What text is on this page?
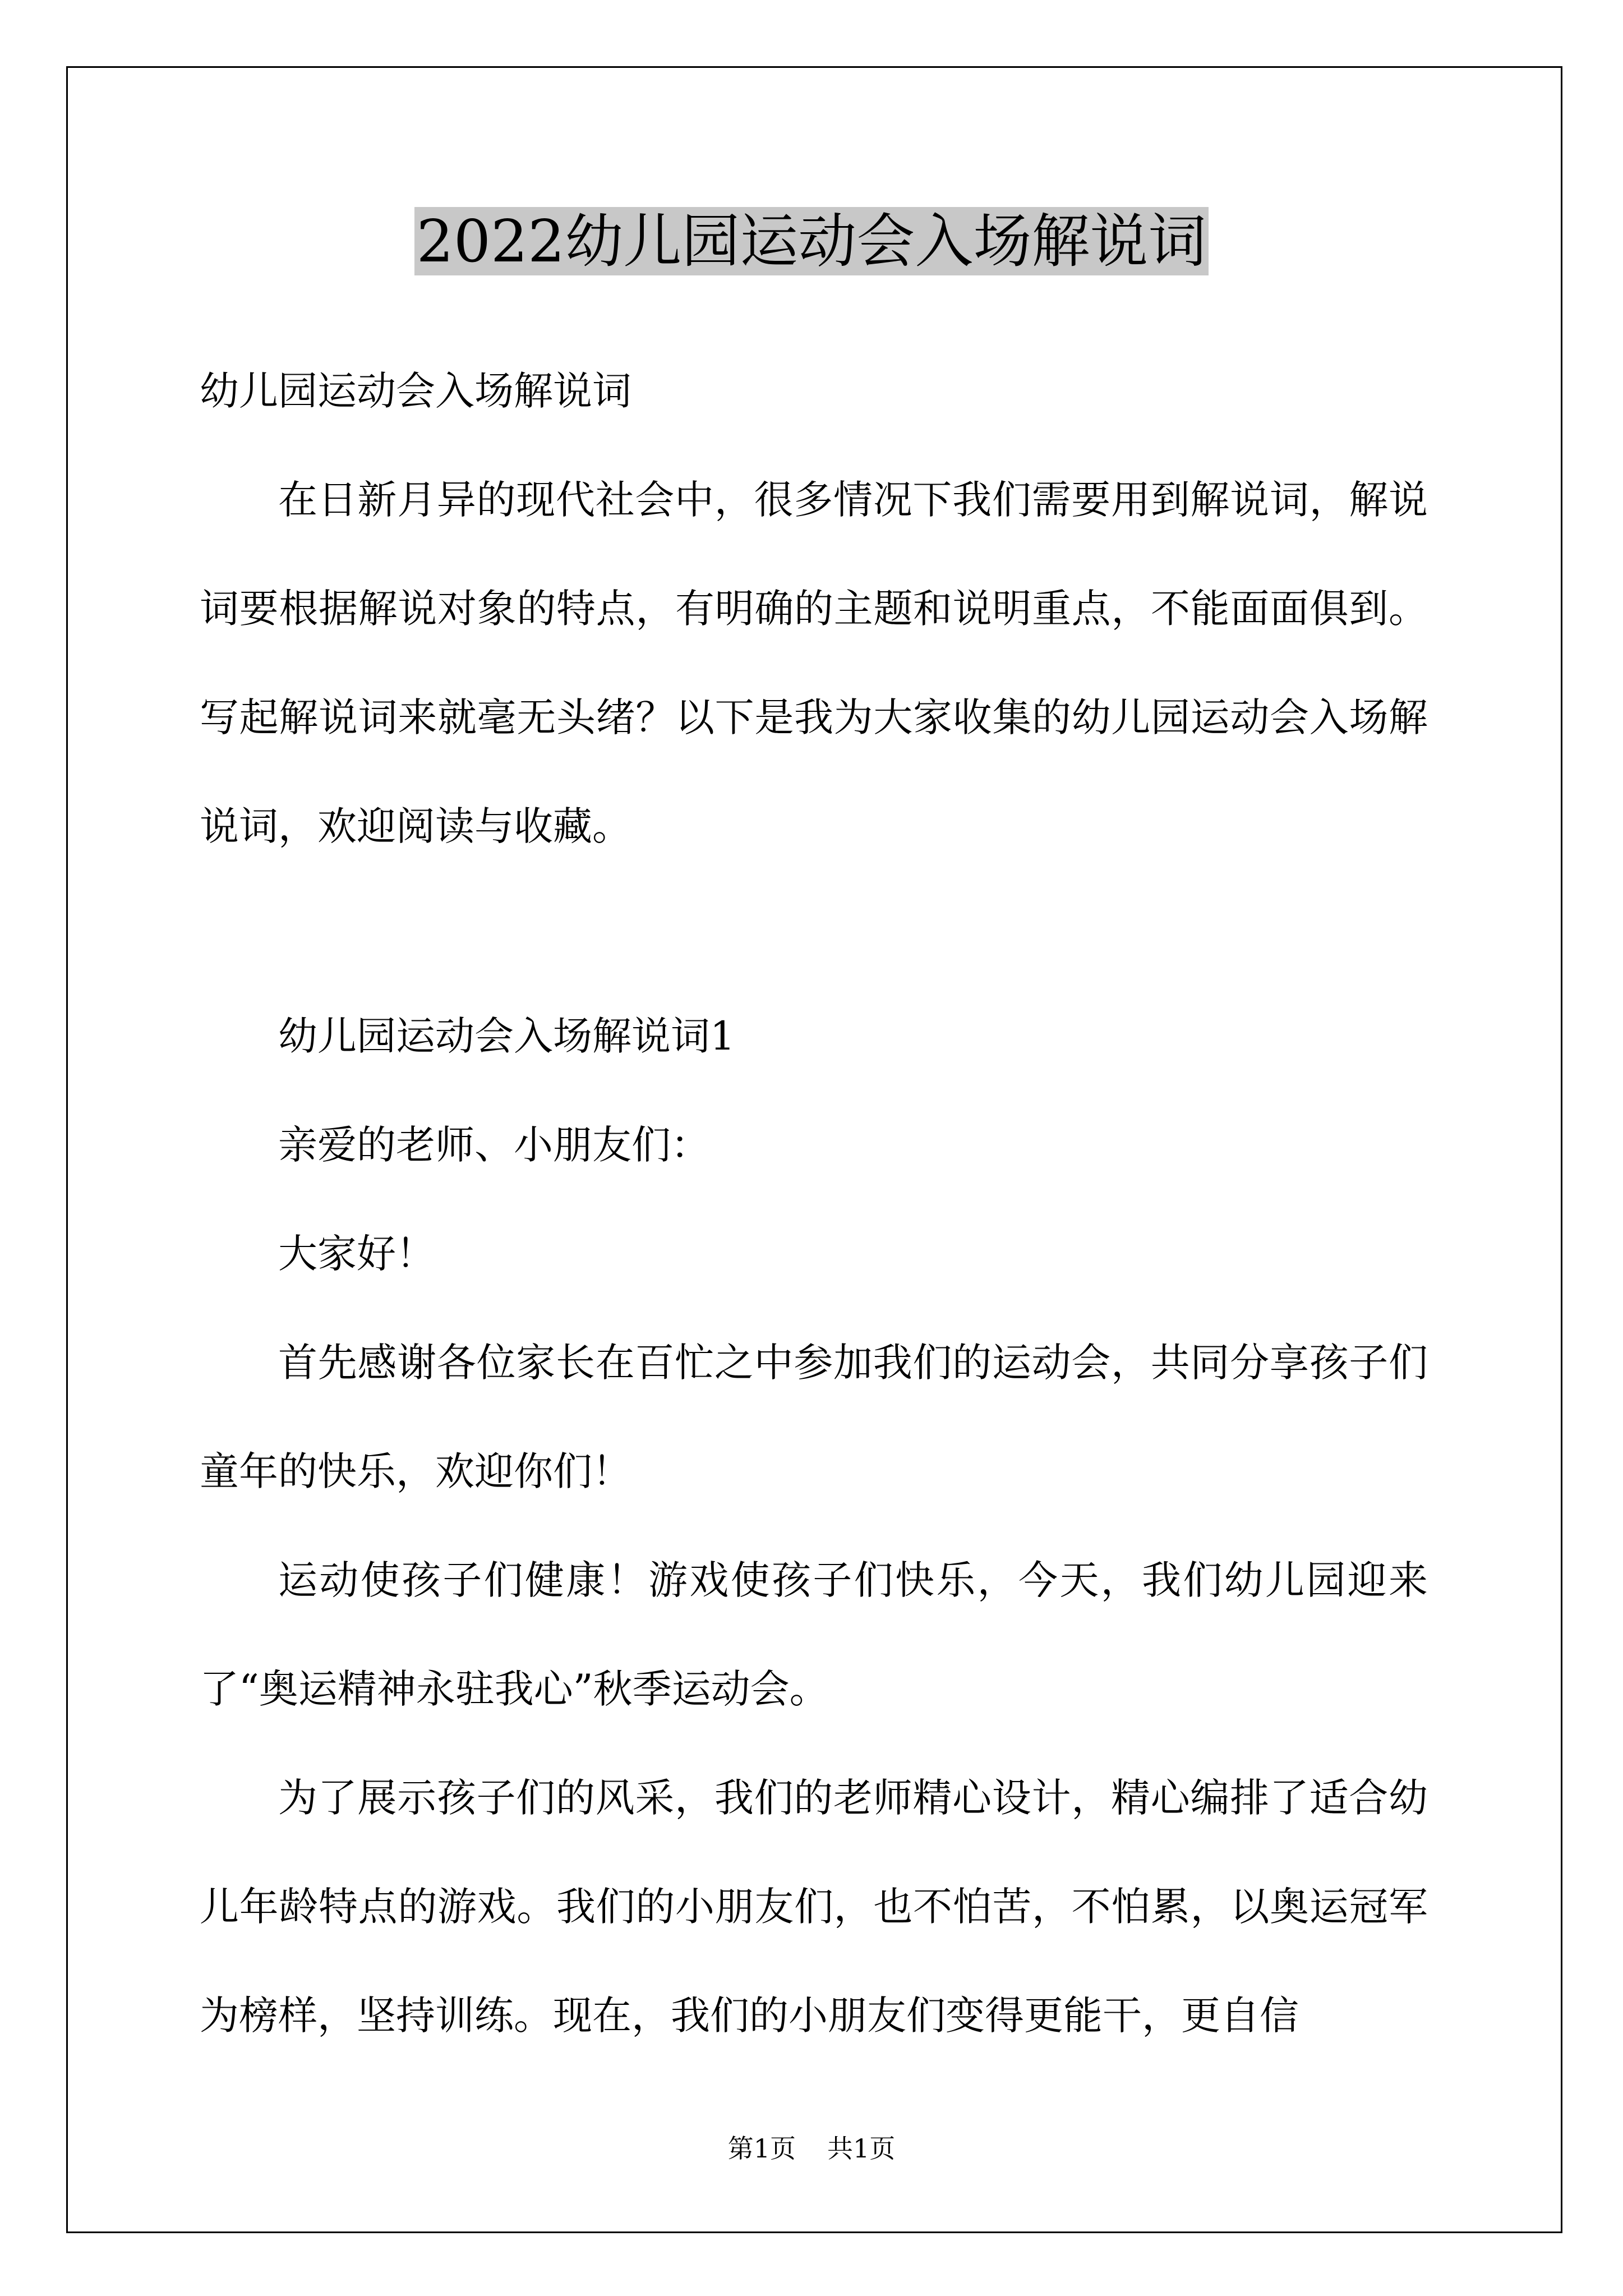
2022幼儿园运动会入场解说词

幼儿园运动会入场解说词

在日新月异的现代社会中，很多情况下我们需要用到解说词，解说词要根据解说对象的特点，有明确的主题和说明重点，不能面面俱到。写起解说词来就毫无头绪？以下是我为大家收集的幼儿园运动会入场解说词，欢迎阅读与收藏。

幼儿园运动会入场解说词1

亲爱的老师、小朋友们：

大家好！

首先感谢各位家长在百忙之中参加我们的运动会，共同分享孩子们童年的快乐，欢迎你们！

运动使孩子们健康！游戏使孩子们快乐，今天，我们幼儿园迎来了“奥运精神永驻我心”秋季运动会。

为了展示孩子们的风采，我们的老师精心设计，精心编排了适合幼儿年龄特点的游戏。我们的小朋友们，也不怕苦，不怕累，以奥运冠军为榜样，坚持训练。现在，我们的小朋友们变得更能干，更自信

第1页 共1页
